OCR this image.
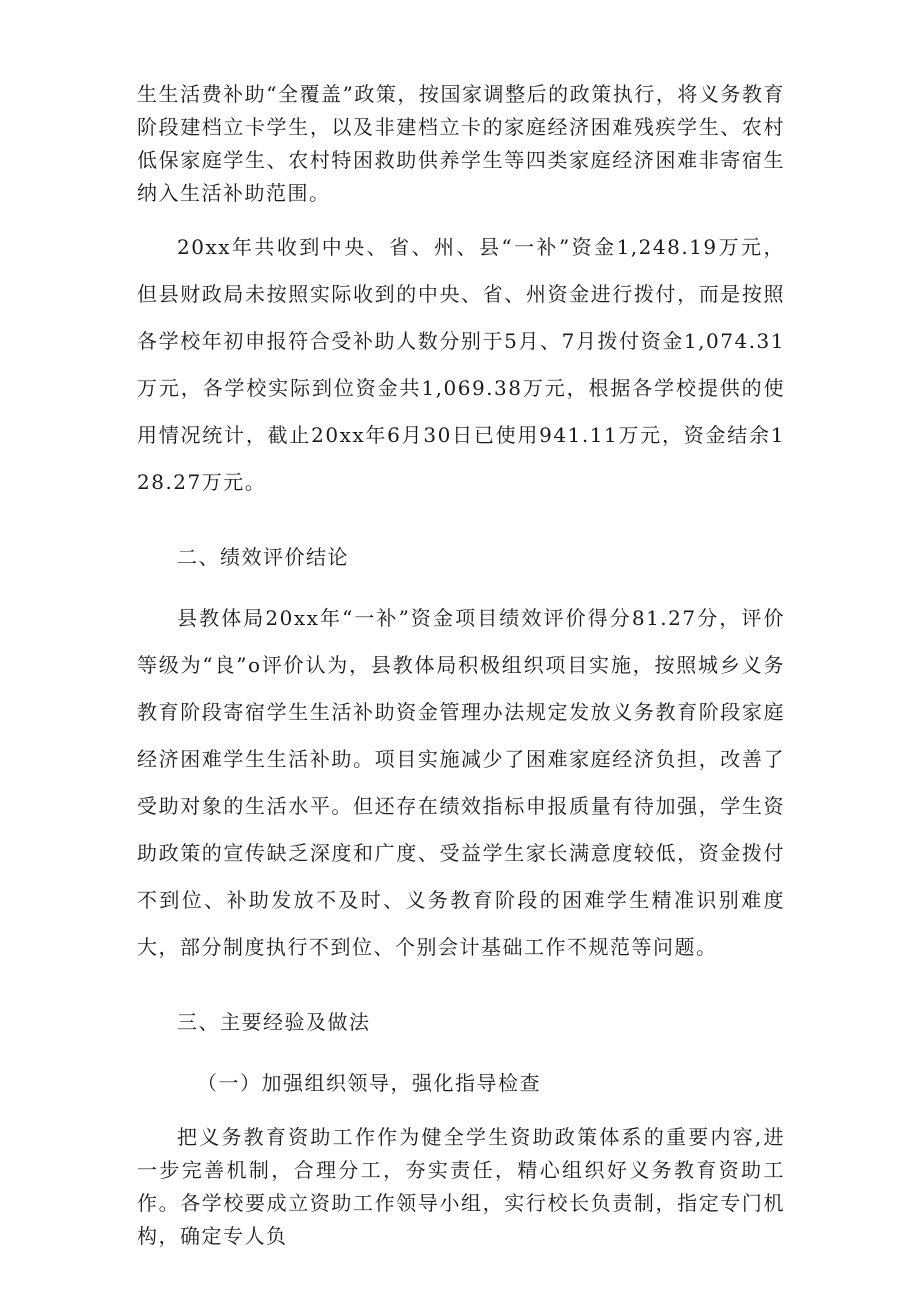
生生活费补助“全覆盖”政策，按国家调整后的政策执行，将义务教育阶段建档立卡学生，以及非建档立卡的家庭经济困难残疾学生、农村低保家庭学生、农村特困救助供养学生等四类家庭经济困难非寄宿生纳入生活补助范围。

20xx年共收到中央、省、州、县“一补”资金1,248.19万元，但县财政局未按照实际收到的中央、省、州资金进行拨付，而是按照各学校年初申报符合受补助人数分别于5月、7月拨付资金1,074.31万元，各学校实际到位资金共1,069.38万元，根据各学校提供的使用情况统计，截止20xx年6月30日已使用941.11万元，资金结余128.27万元。

二、绩效评价结论

县教体局20xx年“一补”资金项目绩效评价得分81.27分，评价等级为“良”o评价认为，县教体局积极组织项目实施，按照城乡义务教育阶段寄宿学生生活补助资金管理办法规定发放义务教育阶段家庭经济困难学生生活补助。项目实施减少了困难家庭经济负担，改善了受助对象的生活水平。但还存在绩效指标申报质量有待加强，学生资助政策的宣传缺乏深度和广度、受益学生家长满意度较低，资金拨付不到位、补助发放不及时、义务教育阶段的困难学生精准识别难度大，部分制度执行不到位、个别会计基础工作不规范等问题。

三、主要经验及做法

（一）加强组织领导，强化指导检查

把义务教育资助工作作为健全学生资助政策体系的重要内容,进一步完善机制，合理分工，夯实责任，精心组织好义务教育资助工作。各学校要成立资助工作领导小组，实行校长负责制，指定专门机构，确定专人负
